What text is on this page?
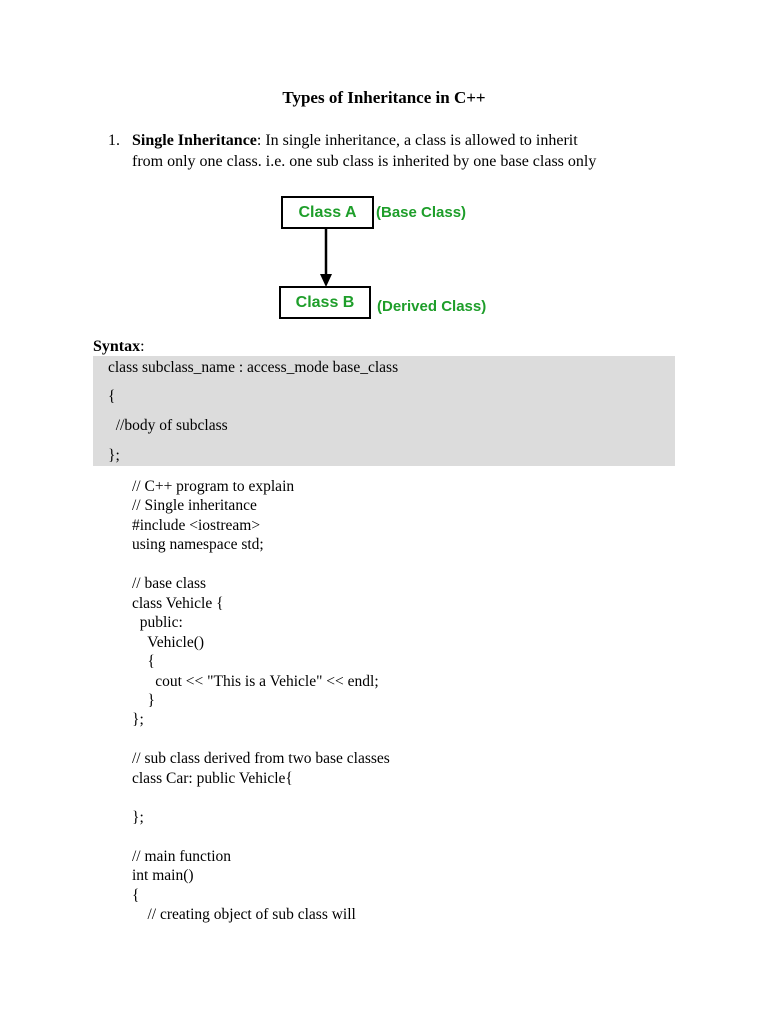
Types of Inheritance in C++
1. Single Inheritance: In single inheritance, a class is allowed to inherit
from only one class. i.e. one sub class is inherited by one base class only
Class A	(Base Class)
Class B	(Derived Class)
Syntax:
class subclass_name : access_mode base_class
{
//body of subclass
};
// C++ program to explain
// Single inheritance
#include <iostream>
using namespace std;

// base class
class Vehicle {
public:
Vehicle()
{
cout << "This is a Vehicle" << endl;
}
};

// sub class derived from two base classes
class Car: public Vehicle{

};

// main function
int main()
{
// creating object of sub class will
